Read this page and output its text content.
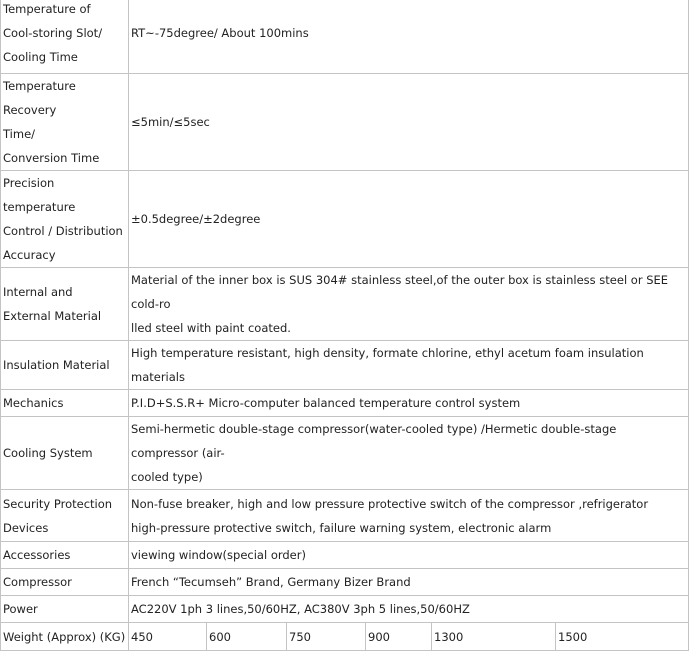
Temperature of
Cool-storing Slot/
Cooling Time	RT~-75degree/ About 100mins					
Temperature Recovery
Time/
Conversion Time	≤5min/≤5sec					
Precision temperature
Control / Distribution
Accuracy	±0.5degree/±2degree					
Internal and
External Material	Material of the inner box is SUS 304# stainless steel,of the outer box is stainless steel or SEE cold-ro
lled steel with paint coated.					
Insulation Material	High temperature resistant, high density, formate chlorine, ethyl acetum foam insulation materials					
Mechanics	P.I.D+S.S.R+ Micro-computer balanced temperature control system					
Cooling System	Semi-hermetic double-stage compressor(water-cooled type) /Hermetic double-stage compressor (air-
cooled type)					
Security Protection
Devices	Non-fuse breaker, high and low pressure protective switch of the compressor ,refrigerator
high-pressure protective switch, failure warning system, electronic alarm					
Accessories	viewing window(special order)					
Compressor	French “Tecumseh” Brand, Germany Bizer Brand					
Power	AC220V 1ph 3 lines,50/60HZ, AC380V 3ph 5 lines,50/60HZ					
Weight (Approx) (KG)	450	600	750	900	1300	1500
